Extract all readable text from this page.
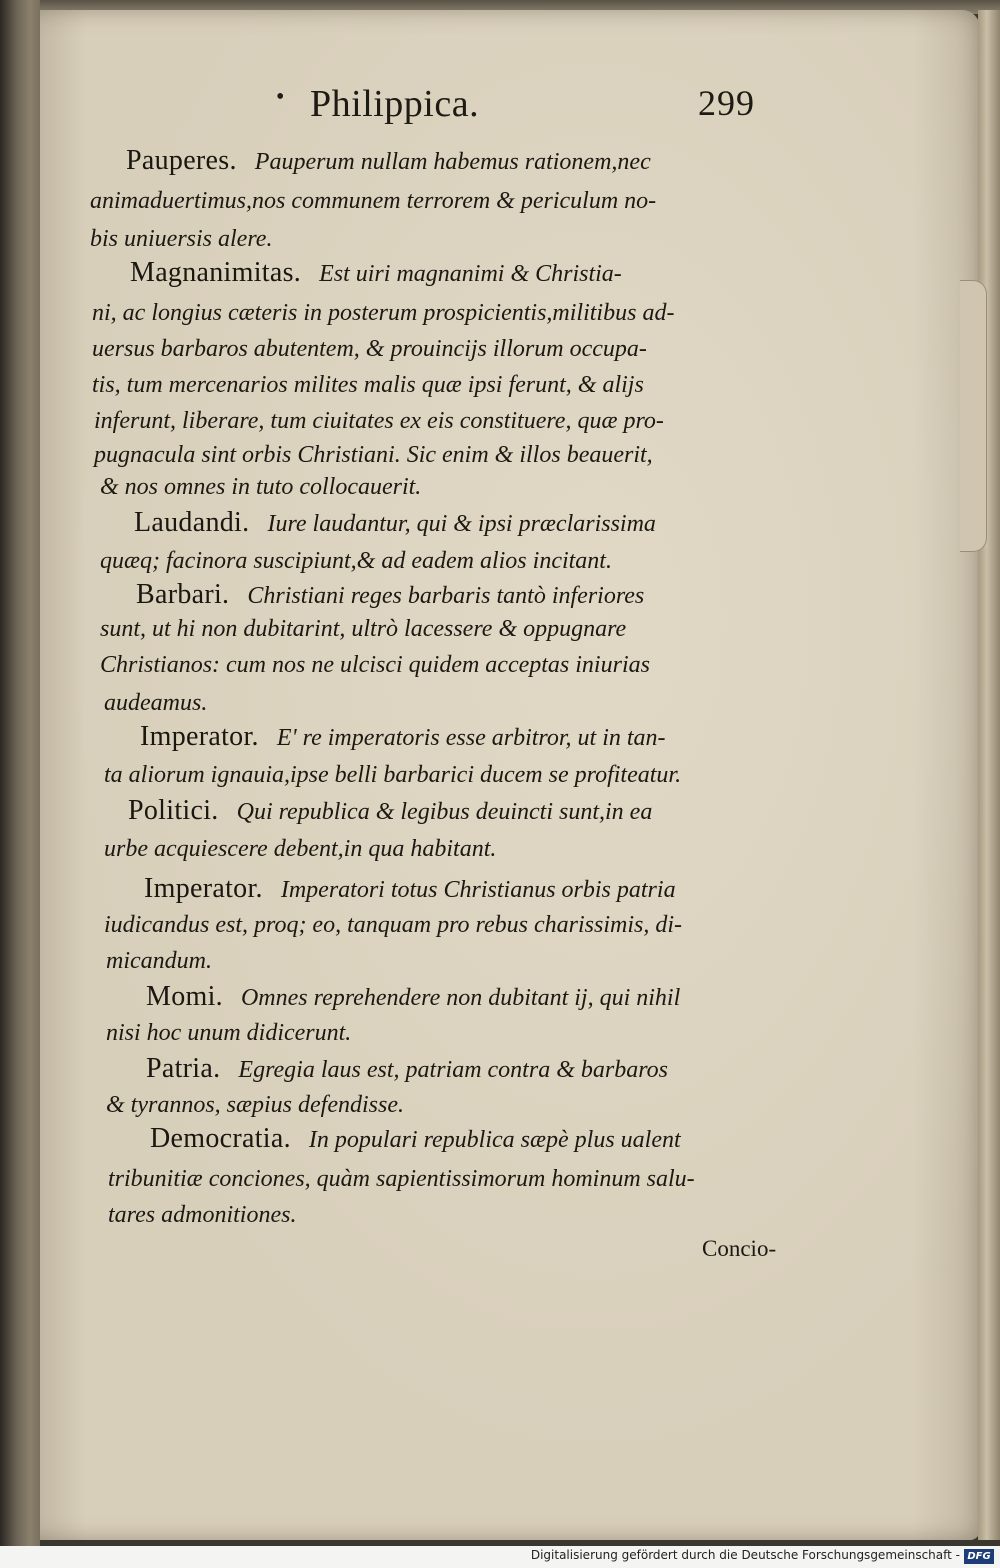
• Philippica.	299
Pauperes. Pauperum nullam habemus rationem,nec
animaduertimus,nos communem terrorem & periculum no-
bis uniuersis alere.
Magnanimitas. Est uiri magnanimi & Christia-
ni, ac longius cæteris in posterum prospicientis,militibus ad-
uersus barbaros abutentem, & prouincijs illorum occupa-
tis, tum mercenarios milites malis quæ ipsi ferunt, & alijs
inferunt, liberare, tum ciuitates ex eis constituere, quæ pro-
pugnacula sint orbis Christiani. Sic enim & illos beauerit,
& nos omnes in tuto collocauerit.
Laudandi. Iure laudantur, qui & ipsi præclarissima
quæq; facinora suscipiunt,& ad eadem alios incitant.
Barbari. Christiani reges barbaris tantò inferiores
sunt, ut hi non dubitarint, ultrò lacessere & oppugnare
Christianos: cum nos ne ulcisci quidem acceptas iniurias
audeamus.
Imperator. E' re imperatoris esse arbitror, ut in tan-
ta aliorum ignauia,ipse belli barbarici ducem se profiteatur.
Politici. Qui republica & legibus deuincti sunt,in ea
urbe acquiescere debent,in qua habitant.
Imperator. Imperatori totus Christianus orbis patria
iudicandus est, proq; eo, tanquam pro rebus charissimis, di-
micandum.
Momi. Omnes reprehendere non dubitant ij, qui nihil
nisi hoc unum didicerunt.
Patria. Egregia laus est, patriam contra & barbaros
& tyrannos, sæpius defendisse.
Democratia. In populari republica sæpè plus ualent
tribunitiæ conciones, quàm sapientissimorum hominum salu-
tares admonitiones.
Concio-
Digitalisierung gefördert durch die Deutsche Forschungsgemeinschaft - DFG
